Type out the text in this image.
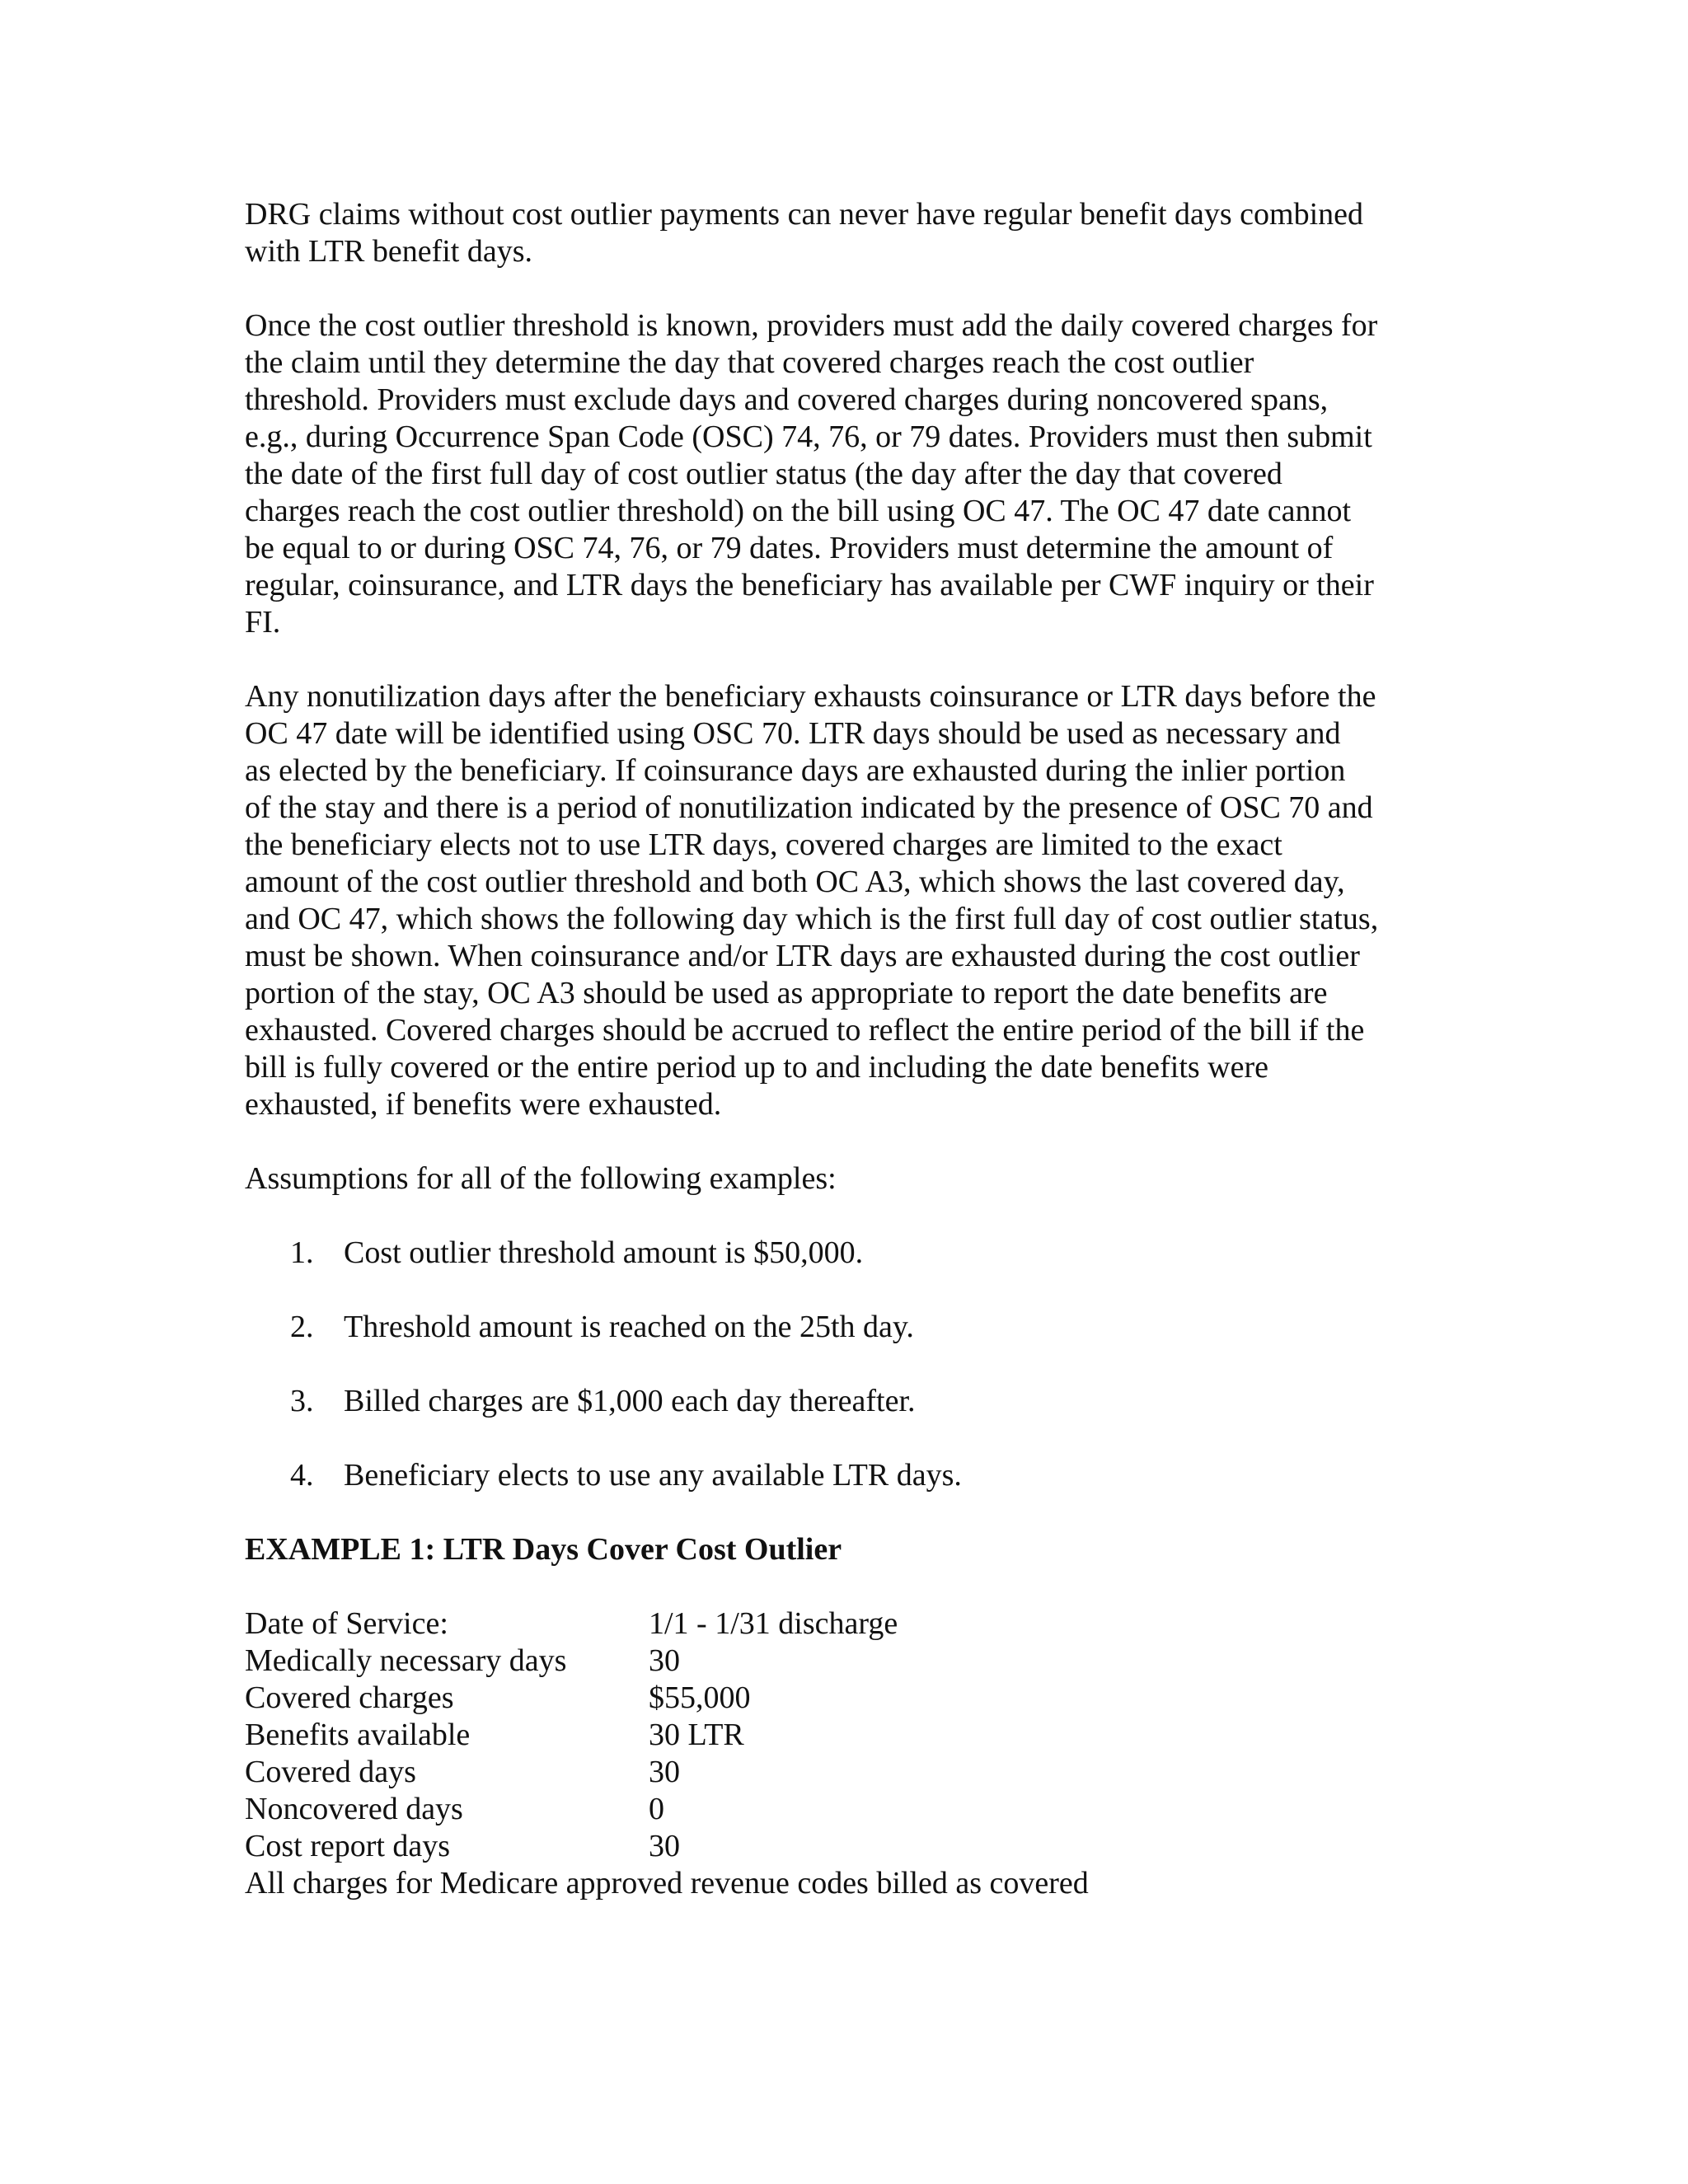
DRG claims without cost outlier payments can never have regular benefit days combined
with LTR benefit days.

Once the cost outlier threshold is known, providers must add the daily covered charges for
the claim until they determine the day that covered charges reach the cost outlier
threshold. Providers must exclude days and covered charges during noncovered spans,
e.g., during Occurrence Span Code (OSC) 74, 76, or 79 dates. Providers must then submit
the date of the first full day of cost outlier status (the day after the day that covered
charges reach the cost outlier threshold) on the bill using OC 47. The OC 47 date cannot
be equal to or during OSC 74, 76, or 79 dates. Providers must determine the amount of
regular, coinsurance, and LTR days the beneficiary has available per CWF inquiry or their
FI.

Any nonutilization days after the beneficiary exhausts coinsurance or LTR days before the
OC 47 date will be identified using OSC 70. LTR days should be used as necessary and
as elected by the beneficiary. If coinsurance days are exhausted during the inlier portion
of the stay and there is a period of nonutilization indicated by the presence of OSC 70 and
the beneficiary elects not to use LTR days, covered charges are limited to the exact
amount of the cost outlier threshold and both OC A3, which shows the last covered day,
and OC 47, which shows the following day which is the first full day of cost outlier status,
must be shown. When coinsurance and/or LTR days are exhausted during the cost outlier
portion of the stay, OC A3 should be used as appropriate to report the date benefits are
exhausted. Covered charges should be accrued to reflect the entire period of the bill if the
bill is fully covered or the entire period up to and including the date benefits were
exhausted, if benefits were exhausted.

Assumptions for all of the following examples:

1. Cost outlier threshold amount is $50,000.
2. Threshold amount is reached on the 25th day.
3. Billed charges are $1,000 each day thereafter.
4. Beneficiary elects to use any available LTR days.

EXAMPLE 1: LTR Days Cover Cost Outlier

Date of Service:	1/1 - 1/31 discharge
Medically necessary days	30
Covered charges	$55,000
Benefits available	30 LTR
Covered days	30
Noncovered days	0
Cost report days	30

All charges for Medicare approved revenue codes billed as covered
